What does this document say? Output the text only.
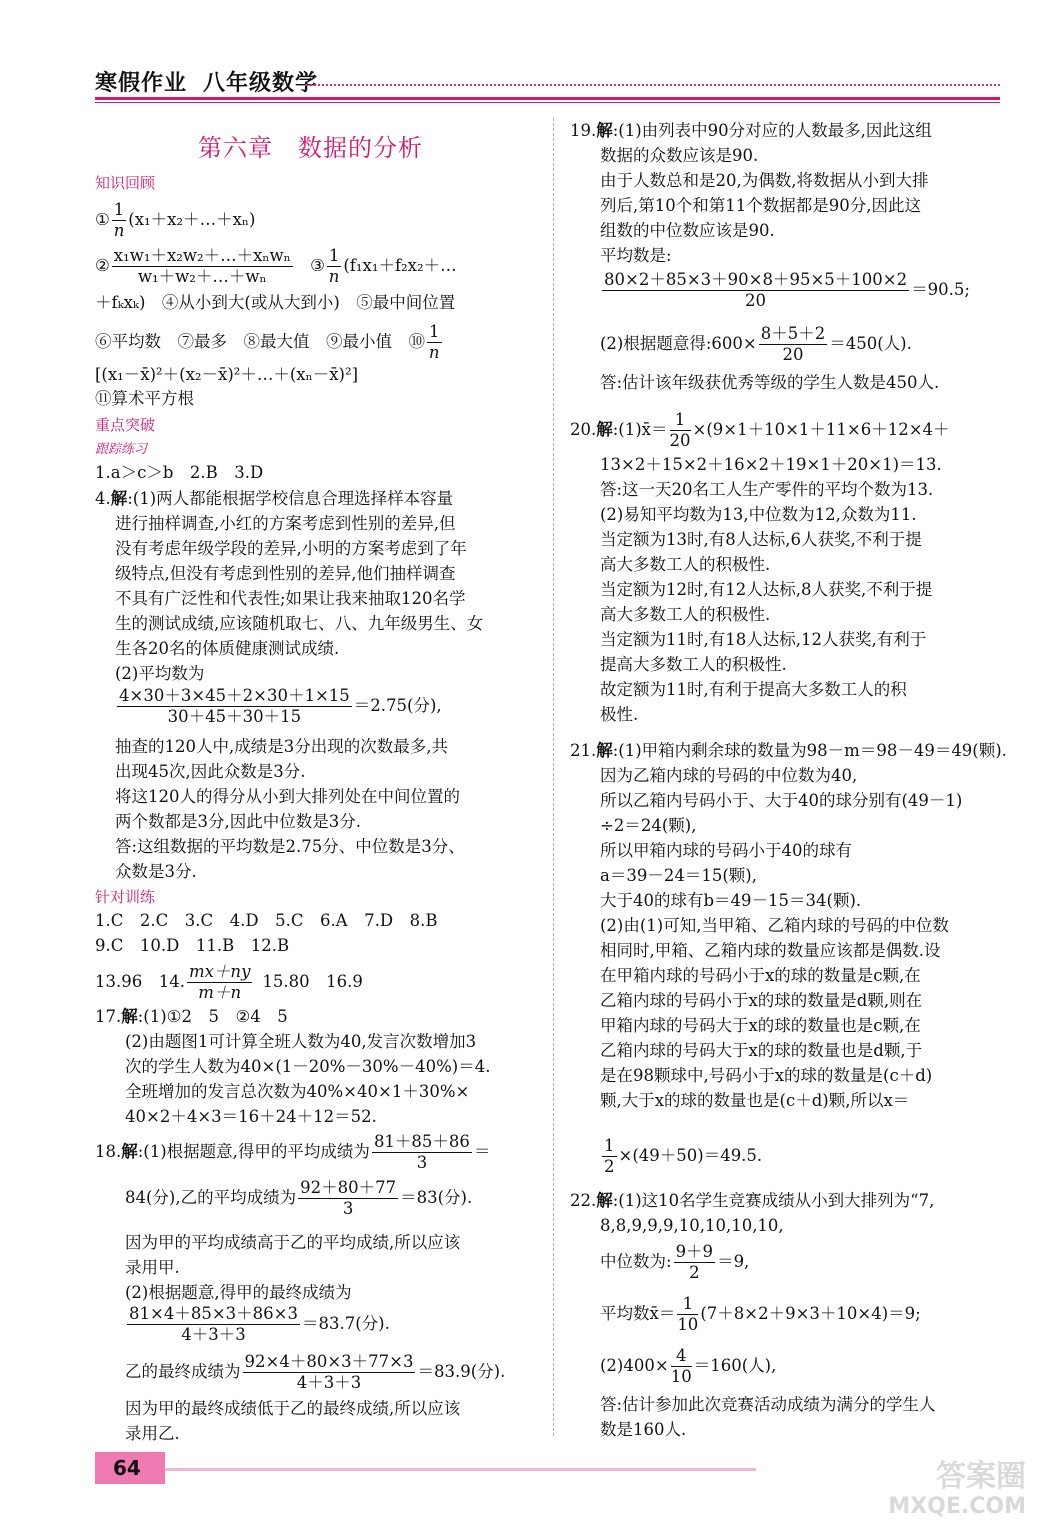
寒假作业 八年级数学
第六章　数据的分析
知识回顾
① $\frac{1}{n}$ (x₁＋x₂＋…＋xₙ)
② $\frac{\text{x₁w₁＋x₂w₂＋…＋xₙwₙ}}{\text{w₁＋w₂＋…＋wₙ}}$ ③ $\frac{1}{n}$ (f₁x₁＋f₂x₂＋…
＋fₖxₖ)　④从小到大(或从大到小)　⑤最中间位置
⑥平均数　⑦最多　⑧最大值　⑨最小值　⑩ $\frac{1}{n}$
[(x₁－x̄)²＋(x₂－x̄)²＋…＋(xₙ－x̄)²]
⑪算术平方根
重点突破
跟踪练习
1.a＞c＞b　2.B　3.D
4.解:(1)两人都能根据学校信息合理选择样本容量
进行抽样调查,小红的方案考虑到性别的差异,但
没有考虑年级学段的差异,小明的方案考虑到了年
级特点,但没有考虑到性别的差异,他们抽样调查
不具有广泛性和代表性;如果让我来抽取120名学
生的测试成绩,应该随机取七、八、九年级男生、女
生各20名的体质健康测试成绩.
(2)平均数为
$\frac{4\times 30+3\times 45+2\times 30+1\times 15}{30+45+30+15} =2.75$(分),
抽查的120人中,成绩是3分出现的次数最多,共
出现45次,因此众数是3分.
将这120人的得分从小到大排列处在中间位置的
两个数都是3分,因此中位数是3分.
答:这组数据的平均数是2.75分、中位数是3分、
众数是3分.
针对训练
1.C　2.C　3.C　4.D　5.C　6.A　7.D　8.B
9.C　10.D　11.B　12.B
13.96　14. $\frac{mx+ny}{m+n} 15.80$　16.9
17.解:(1)①2　5　②4　5
(2)由题图1可计算全班人数为40,发言次数增加3
次的学生人数为40×(1－20%－30%－40%)＝4.
全班增加的发言总次数为40%×40×1＋30%×
40×2＋4×3＝16＋24＋12＝52.
18.解:(1)根据题意,得甲的平均成绩为 $\frac{81+85+86}{3}$ ＝
84(分),乙的平均成绩为 $\frac{92+80+77}{3} =83$(分).
因为甲的平均成绩高于乙的平均成绩,所以应该
录用甲.
(2)根据题意,得甲的最终成绩为
$\frac{81\times 4+85\times 3+86\times 3}{4+3+3} =83.7$(分).
乙的最终成绩为 $\frac{92\times 4+80\times 3+77\times 3}{4+3+3} =83.9$(分).
因为甲的最终成绩低于乙的最终成绩,所以应该
录用乙.
19.解:(1)由列表中90分对应的人数最多,因此这组
数据的众数应该是90.
由于人数总和是20,为偶数,将数据从小到大排
列后,第10个和第11个数据都是90分,因此这
组数的中位数应该是90.
平均数是:
$\frac{80\times 2+85\times 3+90\times 8+95\times 5+100\times 2}{20} =90.5$;
(2)根据题意得:600× $\frac{8+5+2}{20} =450$(人).
答:估计该年级获优秀等级的学生人数是450人.
20.解:(1)x̄＝ $\frac{1}{20} \times(9\times 1+10\times 1+11\times 6+12\times 4+$
13×2＋15×2＋16×2＋19×1＋20×1)＝13.
答:这一天20名工人生产零件的平均个数为13.
(2)易知平均数为13,中位数为12,众数为11.
当定额为13时,有8人达标,6人获奖,不利于提
高大多数工人的积极性.
当定额为12时,有12人达标,8人获奖,不利于提
高大多数工人的积极性.
当定额为11时,有18人达标,12人获奖,有利于
提高大多数工人的积极性.
故定额为11时,有利于提高大多数工人的积
极性.
21.解:(1)甲箱内剩余球的数量为98－m＝98－49＝49(颗).
因为乙箱内球的号码的中位数为40,
所以乙箱内号码小于、大于40的球分别有(49－1)
÷2＝24(颗),
所以甲箱内球的号码小于40的球有
a＝39－24＝15(颗),
大于40的球有b＝49－15＝34(颗).
(2)由(1)可知,当甲箱、乙箱内球的号码的中位数
相同时,甲箱、乙箱内球的数量应该都是偶数.设
在甲箱内球的号码小于x的球的数量是c颗,在
乙箱内球的号码小于x的球的数量是d颗,则在
甲箱内球的号码大于x的球的数量也是c颗,在
乙箱内球的号码大于x的球的数量也是d颗,于
是在98颗球中,号码小于x的球的数量是(c＋d)
颗,大于x的球的数量也是(c＋d)颗,所以x＝
$\frac{1}{2} \times(49+50)=49.5$.
22.解:(1)这10名学生竞赛成绩从小到大排列为“7,
8,8,9,9,9,10,10,10,10,
中位数为: $\frac{9+9}{2} =9$,
平均数x̄＝ $\frac{1}{10} (7+8\times 2+9\times 3+10\times 4)=9$;
$(2)400\times \frac{4}{10} =160$(人),
答:估计参加此次竞赛活动成绩为满分的学生人
数是160人.
64	答案圈
MXQE.COM
